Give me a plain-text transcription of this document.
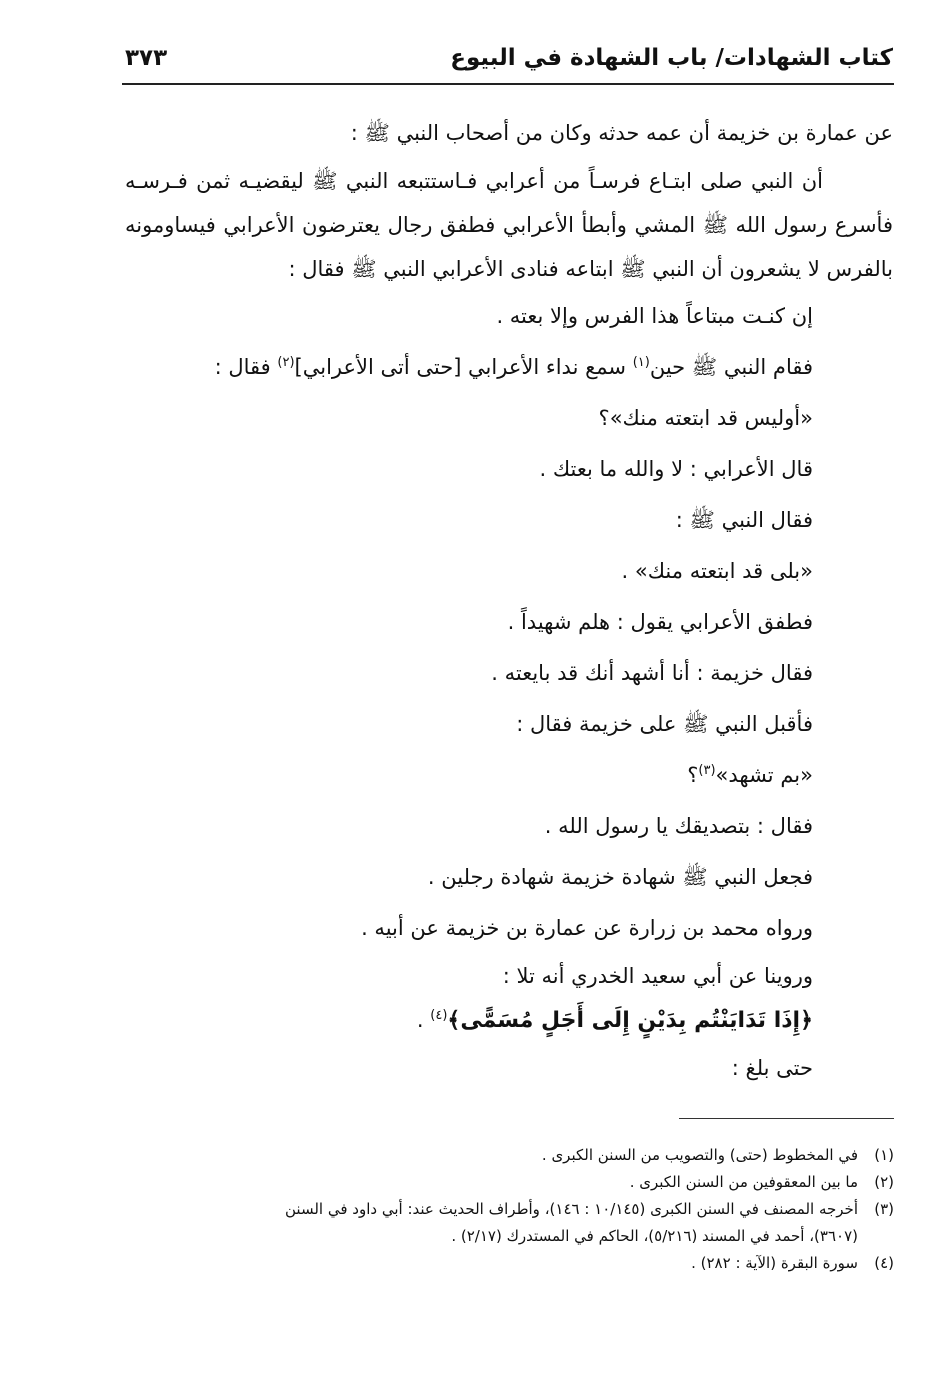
كتاب الشهادات/ باب الشهادة في البيوع
٣٧٣

عن عمارة بن خزيمة أن عمه حدثه وكان من أصحاب النبي ﷺ :

أن النبي صلى ابتـاع فرسـاً من أعرابي فـاستتبعه النبي ﷺ ليقضيـه ثمن فـرسـه

فأسرع رسول الله ﷺ المشي وأبطأ الأعرابي فطفق رجال يعترضون الأعرابي فيساومونه

بالفرس لا يشعرون أن النبي ﷺ ابتاعه فنادى الأعرابي النبي ﷺ فقال :

إن كنـت مبتاعاً هذا الفرس وإلا بعته .

فقام النبي ﷺ حين$^{(١)}$ سمع نداء الأعرابي [حتى أتى الأعرابي]$^{(٢)}$ فقال :

«أوليس قد ابتعته منك»؟

قال الأعرابي : لا والله ما بعتك .

فقال النبي ﷺ :

«بلى قد ابتعته منك» .

فطفق الأعرابي يقول : هلم شهيداً .

فقال خزيمة : أنا أشهد أنك قد بايعته .

فأقبل النبي ﷺ على خزيمة فقال :

«بم تشهد»$^{(٣)}$؟

فقال : بتصديقك يا رسول الله .

فجعل النبي ﷺ شهادة خزيمة شهادة رجلين .

ورواه محمد بن زرارة عن عمارة بن خزيمة عن أبيه .

وروينا عن أبي سعيد الخدري أنه تلا :

﴿إِذَا تَدَايَنْتُم بِدَيْنٍ إِلَى أَجَلٍ مُسَمًّى﴾$^{(٤)}$ .

حتى بلغ :

(١)في المخطوط (حتى) والتصويب من السنن الكبرى .

(٢)ما بين المعقوفين من السنن الكبرى .

(٣)أخرجه المصنف في السنن الكبرى (١٠/١٤٥ : ١٤٦)، وأطراف الحديث عند: أبي داود في السنن

(٣٦٠٧)، أحمد في المسند (٥/٢١٦)، الحاكم في المستدرك (٢/١٧) .

(٤)سورة البقرة (الآية : ٢٨٢) .
